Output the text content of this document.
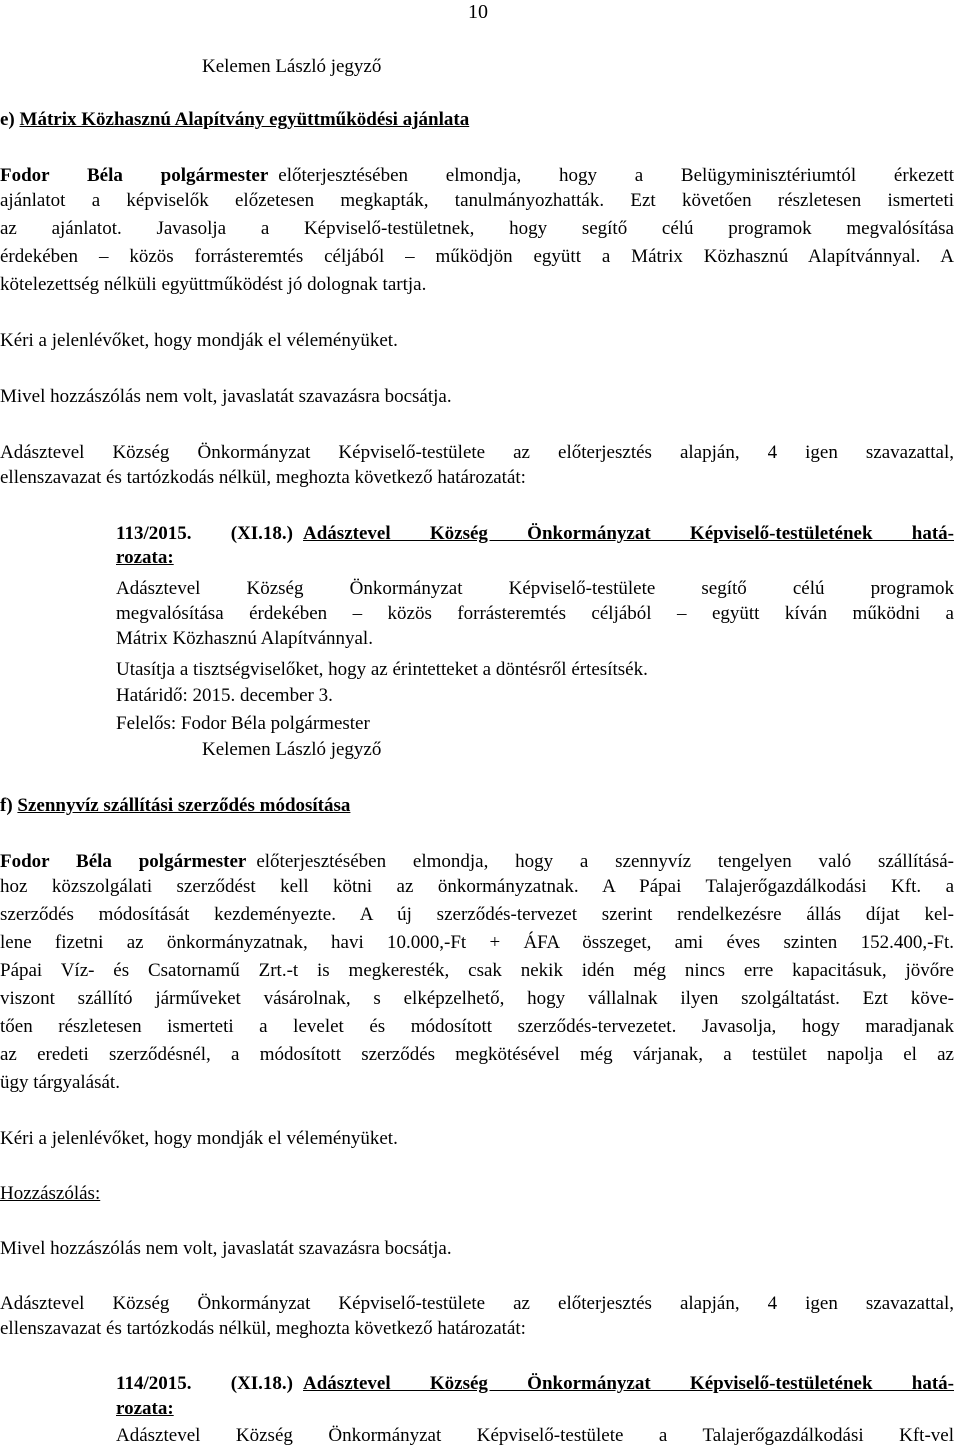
10
Kelemen László jegyző
e) Mátrix Közhasznú Alapítvány együttműködési ajánlata
Fodor Béla polgármester előterjesztésében elmondja, hogy a Belügyminisztériumtól érkezett
ajánlatot a képviselők előzetesen megkapták, tanulmányozhatták. Ezt követően részletesen ismerteti
az ajánlatot. Javasolja a Képviselő-testületnek, hogy segítő célú programok megvalósítása
érdekében – közös forrásteremtés céljából – működjön együtt a Mátrix Közhasznú Alapítvánnyal. A
kötelezettség nélküli együttműködést jó dolognak tartja.
Kéri a jelenlévőket, hogy mondják el véleményüket.
Mivel hozzászólás nem volt, javaslatát szavazásra bocsátja.
Adásztevel Község Önkormányzat Képviselő-testülete az előterjesztés alapján, 4 igen szavazattal,
ellenszavazat és tartózkodás nélkül, meghozta következő határozatát:
113/2015. (XI.18.) Adásztevel Község Önkormányzat Képviselő-testületének hatá-
rozata:
Adásztevel Község Önkormányzat Képviselő-testülete segítő célú programok
megvalósítása érdekében – közös forrásteremtés céljából – együtt kíván működni a
Mátrix Közhasznú Alapítvánnyal.
Utasítja a tisztségviselőket, hogy az érintetteket a döntésről értesítsék.
Határidő: 2015. december 3.
Felelős: Fodor Béla polgármester
Kelemen László jegyző
f) Szennyvíz szállítási szerződés módosítása
Fodor Béla polgármester előterjesztésében elmondja, hogy a szennyvíz tengelyen való szállításá-
hoz közszolgálati szerződést kell kötni az önkormányzatnak. A Pápai Talajerőgazdálkodási Kft. a
szerződés módosítását kezdeményezte. A új szerződés-tervezet szerint rendelkezésre állás díjat kel-
lene fizetni az önkormányzatnak, havi 10.000,-Ft + ÁFA összeget, ami éves szinten 152.400,-Ft.
Pápai Víz- és Csatornamű Zrt.-t is megkeresték, csak nekik idén még nincs erre kapacitásuk, jövőre
viszont szállító járműveket vásárolnak, s elképzelhető, hogy vállalnak ilyen szolgáltatást. Ezt köve-
tően részletesen ismerteti a levelet és módosított szerződés-tervezetet. Javasolja, hogy maradjanak
az eredeti szerződésnél, a módosított szerződés megkötésével még várjanak, a testület napolja el az
ügy tárgyalását.
Kéri a jelenlévőket, hogy mondják el véleményüket.
Hozzászólás:
Mivel hozzászólás nem volt, javaslatát szavazásra bocsátja.
Adásztevel Község Önkormányzat Képviselő-testülete az előterjesztés alapján, 4 igen szavazattal,
ellenszavazat és tartózkodás nélkül, meghozta következő határozatát:
114/2015. (XI.18.) Adásztevel Község Önkormányzat Képviselő-testületének hatá-
rozata:
Adásztevel Község Önkormányzat Képviselő-testülete a Talajerőgazdálkodási Kft-vel
